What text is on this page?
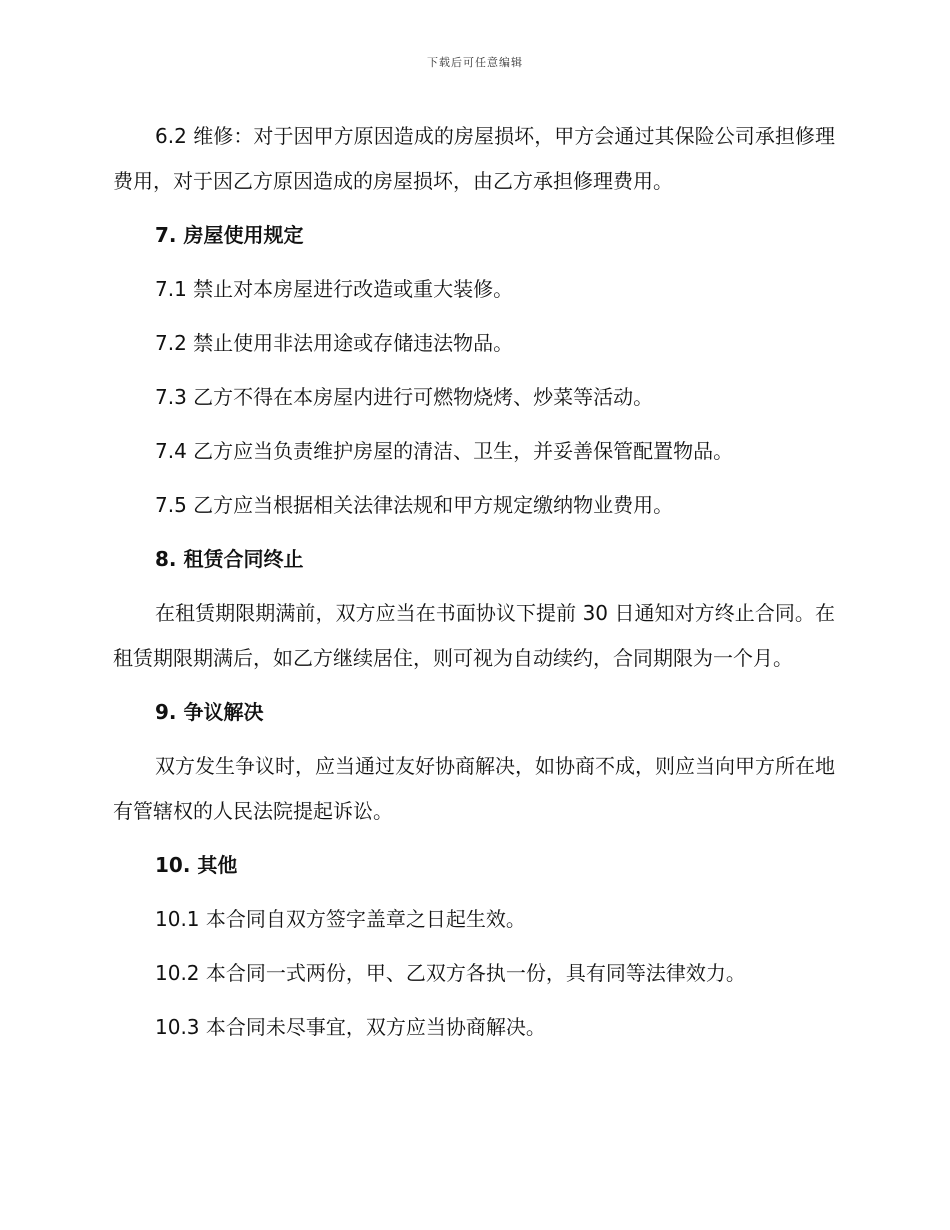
下载后可任意编辑

6.2 维修：对于因甲方原因造成的房屋损坏，甲方会通过其保险公司承担修理费用，对于因乙方原因造成的房屋损坏，由乙方承担修理费用。

7. 房屋使用规定

7.1 禁止对本房屋进行改造或重大装修。

7.2 禁止使用非法用途或存储违法物品。

7.3 乙方不得在本房屋内进行可燃物烧烤、炒菜等活动。

7.4 乙方应当负责维护房屋的清洁、卫生，并妥善保管配置物品。

7.5 乙方应当根据相关法律法规和甲方规定缴纳物业费用。

8. 租赁合同终止

在租赁期限期满前，双方应当在书面协议下提前 30 日通知对方终止合同。在租赁期限期满后，如乙方继续居住，则可视为自动续约，合同期限为一个月。

9. 争议解决

双方发生争议时，应当通过友好协商解决，如协商不成，则应当向甲方所在地有管辖权的人民法院提起诉讼。

10. 其他

10.1 本合同自双方签字盖章之日起生效。

10.2 本合同一式两份，甲、乙双方各执一份，具有同等法律效力。

10.3 本合同未尽事宜，双方应当协商解决。
